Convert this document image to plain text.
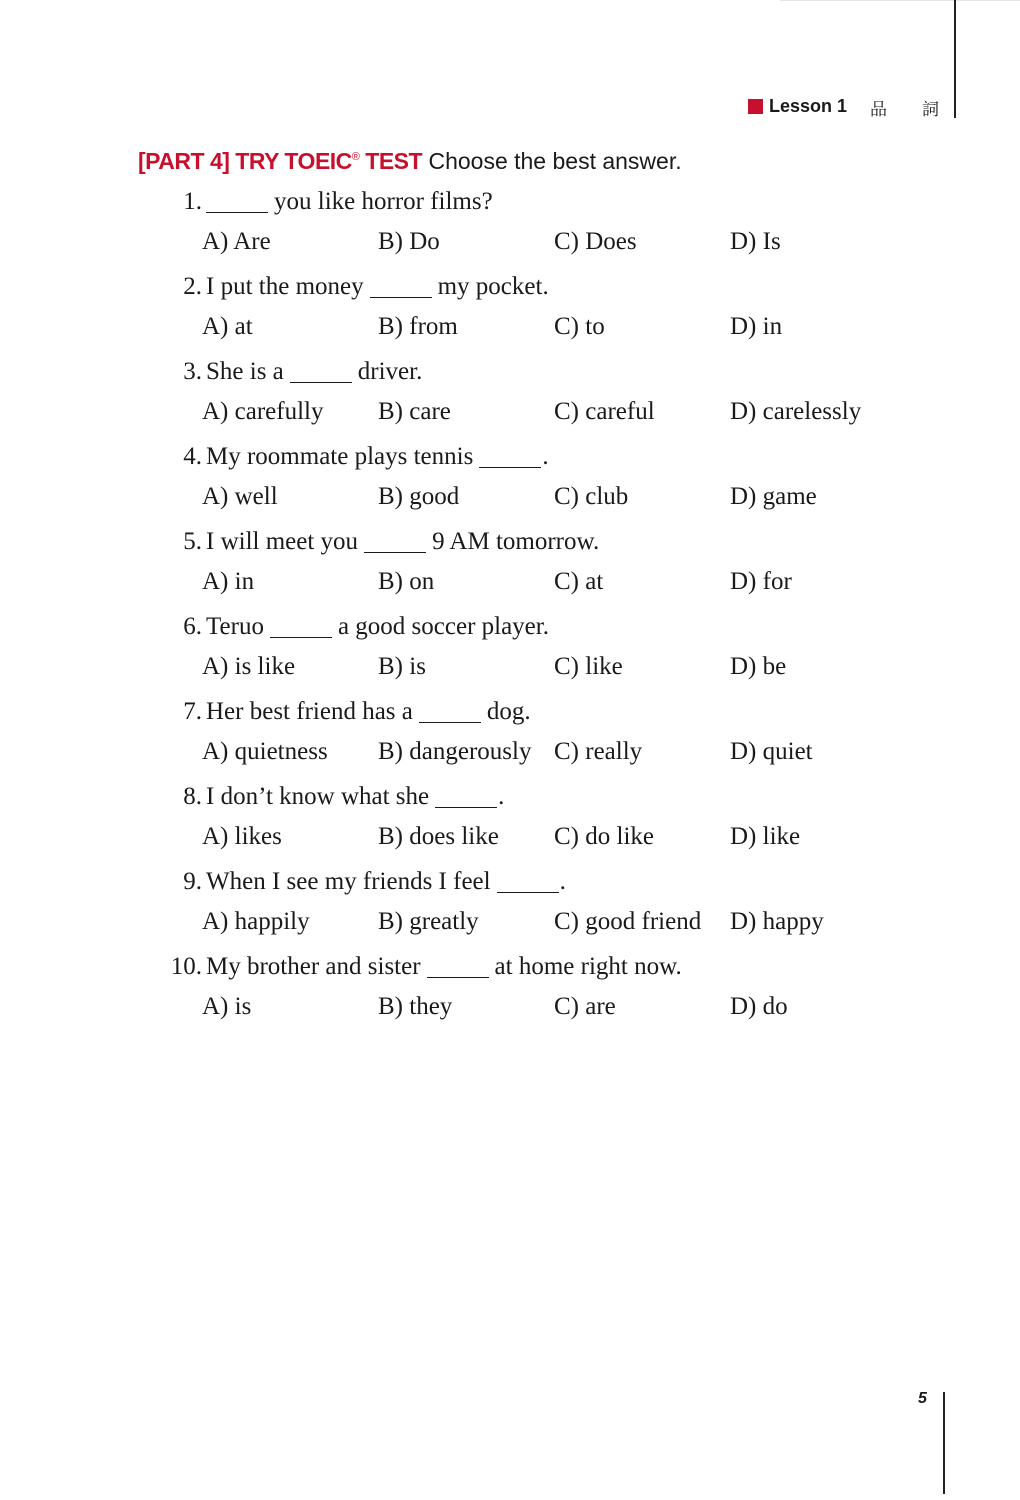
Lesson 1 品 詞
[PART 4] TRY TOEIC® TEST Choose the best answer.
1.	you like horror films?
A) Are	B) Do	C) Does	D) Is
2. I put the money	my pocket.
A) at	B) from	C) to	D) in
3. She is a	driver.
A) carefully B) care	C) careful	D) carelessly
4. My roommate plays tennis	.
A) well	B) good	C) club	D) game
5. I will meet you	9 AM tomorrow.
A) in	B) on	C) at	D) for
6. Teruo	a good soccer player.
A) is like	B) is	C) like	D) be
7. Her best friend has a	dog.
A) quietness B) dangerously C) really	D) quiet
8. I don’t know what she	.
A) likes	B) does like C) do like	D) like
9. When I see my friends I feel	.
A) happily	B) greatly	C) good friend D) happy
10. My brother and sister	at home right now.
A) is	B) they	C) are	D) do
5
